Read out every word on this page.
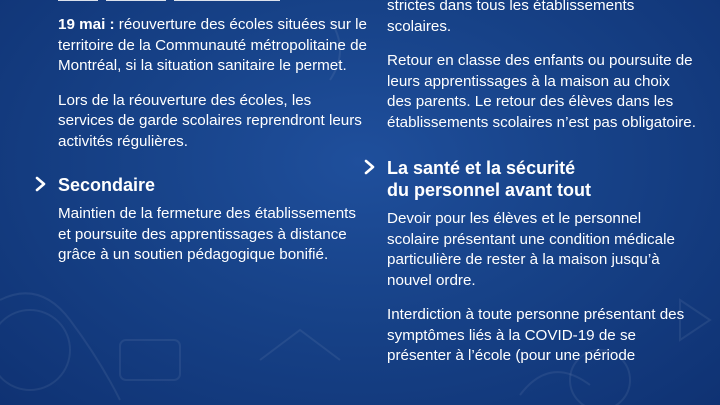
19 mai : réouverture des écoles situées sur le territoire de la Communauté métropolitaine de Montréal, si la situation sanitaire le permet.

Lors de la réouverture des écoles, les services de garde scolaires reprendront leurs activités régulières.

Secondaire

Maintien de la fermeture des établissements et poursuite des apprentissages à distance grâce à un soutien pédagogique bonifié.

strictes dans tous les établissements scolaires.

Retour en classe des enfants ou poursuite de leurs apprentissages à la maison au choix des parents. Le retour des élèves dans les établissements scolaires n’est pas obligatoire.

La santé et la sécurité
du personnel avant tout

Devoir pour les élèves et le personnel scolaire présentant une condition médicale particulière de rester à la maison jusqu’à nouvel ordre.

Interdiction à toute personne présentant des symptômes liés à la COVID-19 de se présenter à l’école (pour une période
